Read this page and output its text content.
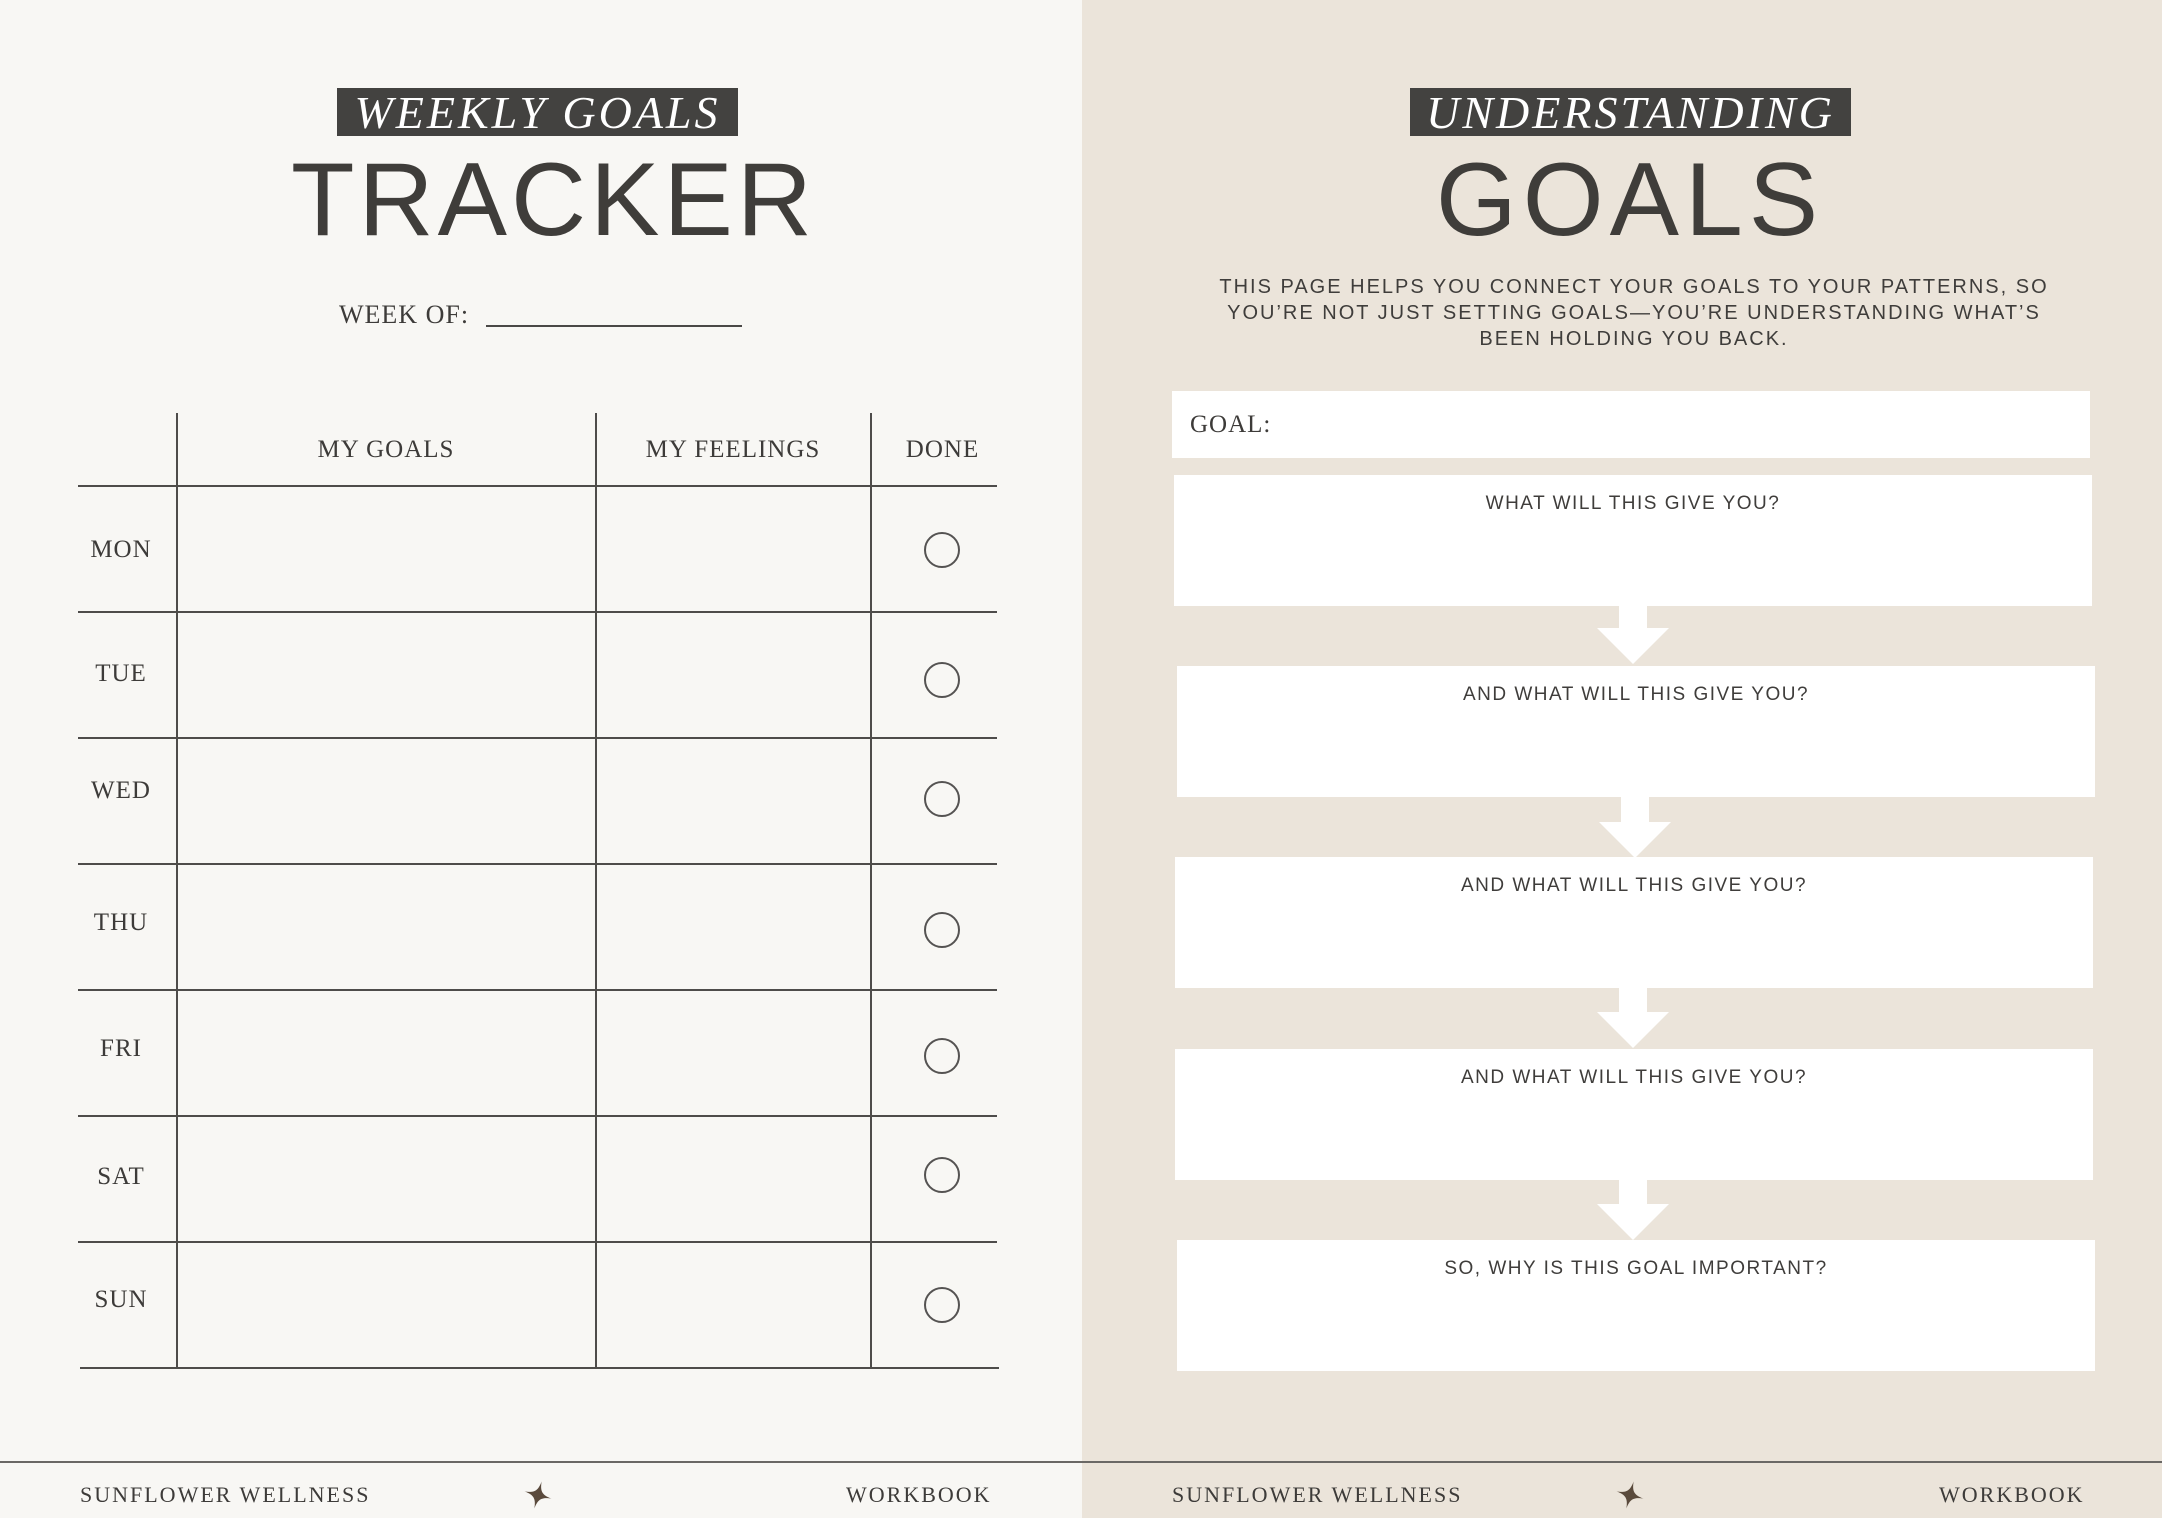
WEEKLY GOALS
TRACKER
WEEK OF:
MY GOALS	MY FEELINGS	DONE
MON
TUE
WED
THU
FRI
SAT
SUN
UNDERSTANDING
GOALS
THIS PAGE HELPS YOU CONNECT YOUR GOALS TO YOUR PATTERNS, SO YOU’RE NOT JUST SETTING GOALS—YOU’RE UNDERSTANDING WHAT’S BEEN HOLDING YOU BACK.
GOAL:
WHAT WILL THIS GIVE YOU?
AND WHAT WILL THIS GIVE YOU?
AND WHAT WILL THIS GIVE YOU?
AND WHAT WILL THIS GIVE YOU?
SO, WHY IS THIS GOAL IMPORTANT?
SUNFLOWER WELLNESS	WORKBOOK	SUNFLOWER WELLNESS	WORKBOOK
